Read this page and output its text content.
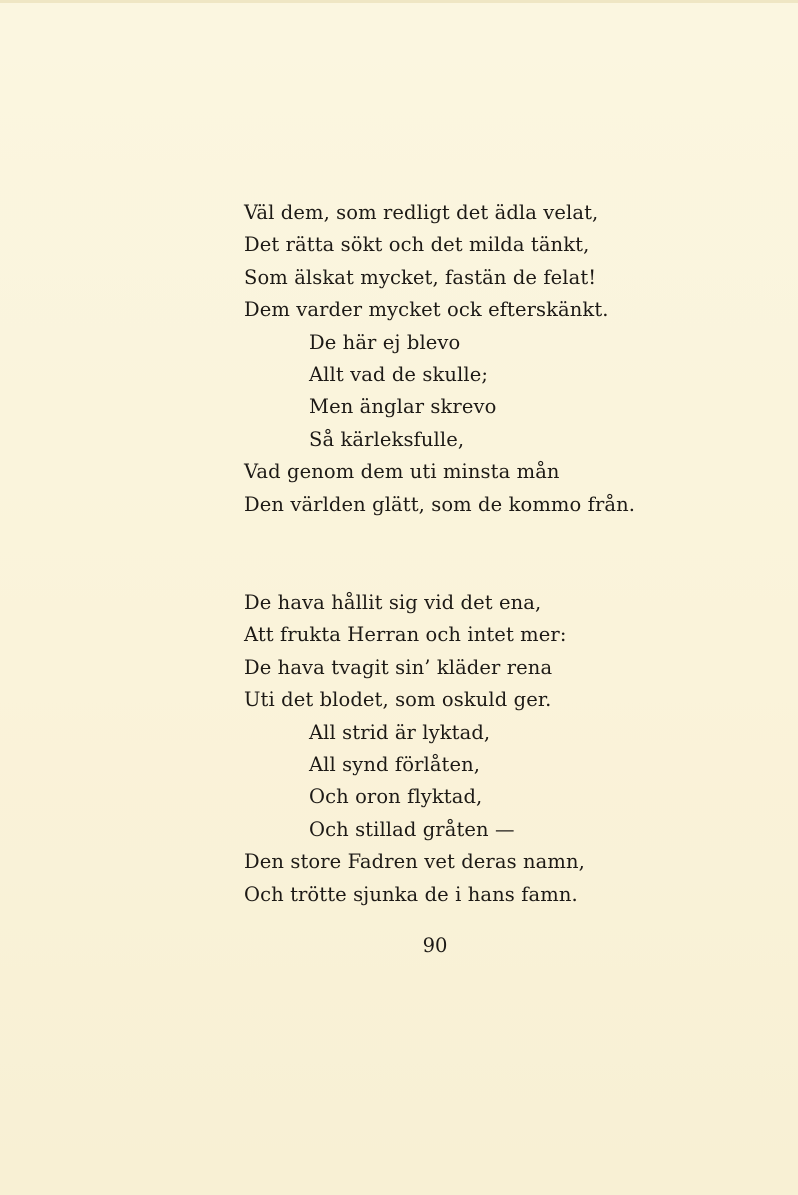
Väl dem, som redligt det ädla velat,
Det rätta sökt och det milda tänkt,
Som älskat mycket, fastän de felat!
Dem varder mycket ock efterskänkt.
De här ej blevo
Allt vad de skulle;
Men änglar skrevo
Så kärleksfulle,
Vad genom dem uti minsta mån
Den världen glätt, som de kommo från.
De hava hållit sig vid det ena,
Att frukta Herran och intet mer:
De hava tvagit sin’ kläder rena
Uti det blodet, som oskuld ger.
All strid är lyktad,
All synd förlåten,
Och oron flyktad,
Och stillad gråten —
Den store Fadren vet deras namn,
Och trötte sjunka de i hans famn.
90
